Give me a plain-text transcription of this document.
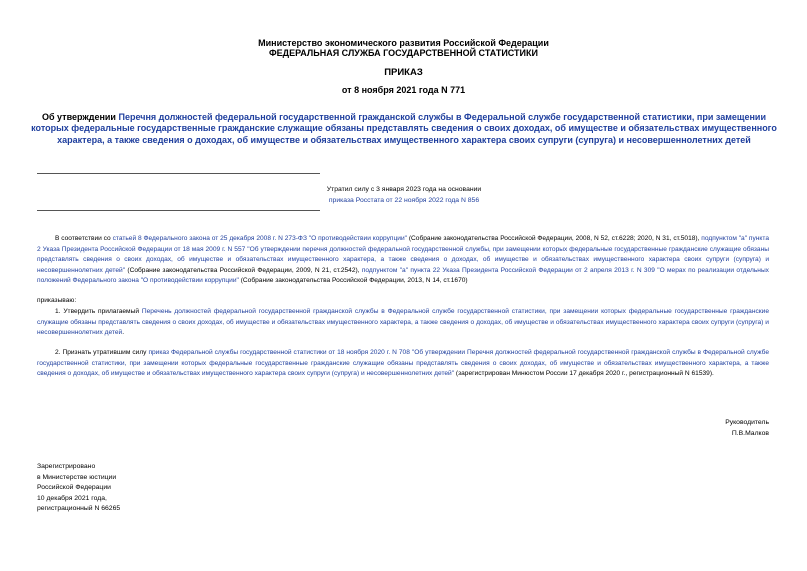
Министерство экономического развития Российской Федерации
ФЕДЕРАЛЬНАЯ СЛУЖБА ГОСУДАРСТВЕННОЙ СТАТИСТИКИ
ПРИКАЗ
от 8 ноября 2021 года N 771
Об утверждении Перечня должностей федеральной государственной гражданской службы в Федеральной службе государственной статистики, при замещении которых федеральные государственные гражданские служащие обязаны представлять сведения о своих доходах, об имуществе и обязательствах имущественного характера, а также сведения о доходах, об имуществе и обязательствах имущественного характера своих супруги (супруга) и несовершеннолетних детей
Утратил силу с 3 января 2023 года на основании
приказа Росстата от 22 ноября 2022 года N 856
В соответствии со статьей 8 Федерального закона от 25 декабря 2008 г. N 273-ФЗ "О противодействии коррупции" (Собрание законодательства Российской Федерации, 2008, N 52, ст.6228; 2020, N 31, ст.5018), подпунктом "а" пункта 2 Указа Президента Российской Федерации от 18 мая 2009 г. N 557 "Об утверждении перечня должностей федеральной государственной службы, при замещении которых федеральные государственные гражданские служащие обязаны представлять сведения о своих доходах, об имуществе и обязательствах имущественного характера, а также сведения о доходах, об имуществе и обязательствах имущественного характера своих супруги (супруга) и несовершеннолетних детей" (Собрание законодательства Российской Федерации, 2009, N 21, ст.2542), подпунктом "а" пункта 22 Указа Президента Российской Федерации от 2 апреля 2013 г. N 309 "О мерах по реализации отдельных положений Федерального закона "О противодействии коррупции" (Собрание законодательства Российской Федерации, 2013, N 14, ст.1670)
приказываю:
1. Утвердить прилагаемый Перечень должностей федеральной государственной гражданской службы в Федеральной службе государственной статистики, при замещении которых федеральные государственные гражданские служащие обязаны представлять сведения о своих доходах, об имуществе и обязательствах имущественного характера, а также сведения о доходах, об имуществе и обязательствах имущественного характера своих супруги (супруга) и несовершеннолетних детей.
2. Признать утратившим силу приказ Федеральной службы государственной статистики от 18 ноября 2020 г. N 708 "Об утверждении Перечня должностей федеральной государственной гражданской службы в Федеральной службе государственной статистики, при замещении которых федеральные государственные гражданские служащие обязаны представлять сведения о своих доходах, об имуществе и обязательствах имущественного характера, а также сведения о доходах, об имуществе и обязательствах имущественного характера своих супруги (супруга) и несовершеннолетних детей" (зарегистрирован Минюстом России 17 декабря 2020 г., регистрационный N 61539).
Руководитель
П.В.Малков
Зарегистрировано
в Министерстве юстиции
Российской Федерации
10 декабря 2021 года,
регистрационный N 66265
